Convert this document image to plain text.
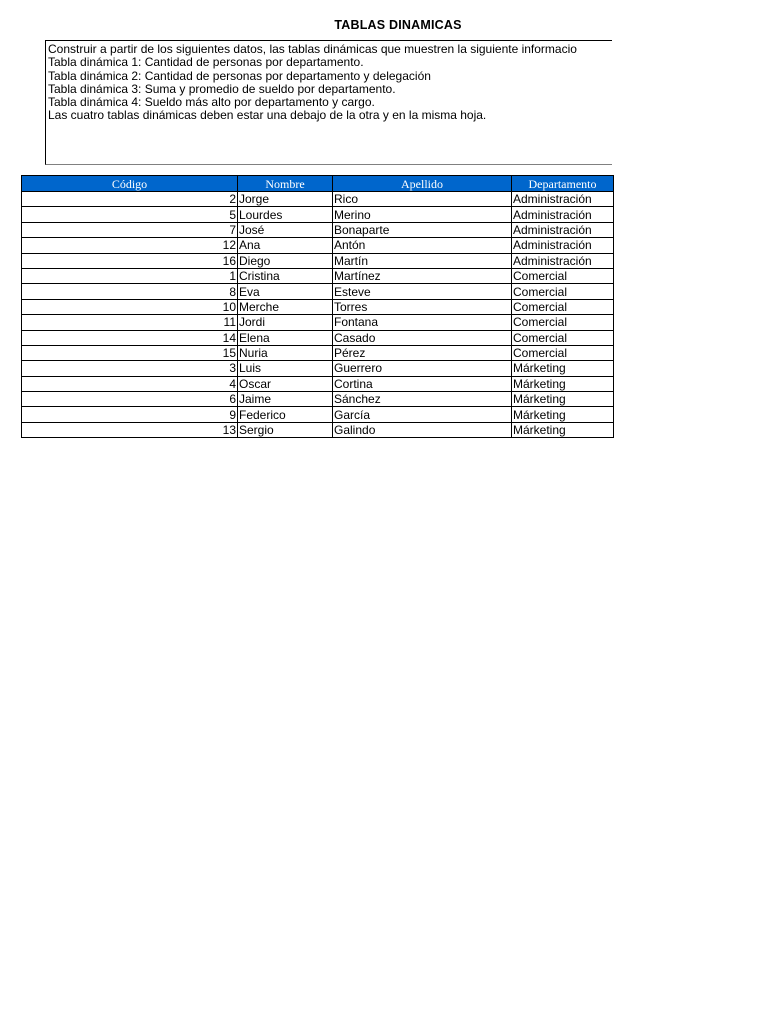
TABLAS DINAMICAS
Construir a partir de los siguientes datos, las tablas dinámicas que muestren la siguiente informacio
Tabla dinámica 1: Cantidad de personas por departamento.
Tabla dinámica 2: Cantidad de personas por departamento y delegación
Tabla dinámica 3: Suma y promedio de sueldo por departamento.
Tabla dinámica 4: Sueldo más alto por departamento y cargo.
Las cuatro tablas dinámicas deben estar una debajo de la otra y en la misma hoja.
Código	Nombre	Apellido	Departamento
2	Jorge	Rico	Administración
5	Lourdes	Merino	Administración
7	José	Bonaparte	Administración
12	Ana	Antón	Administración
16	Diego	Martín	Administración
1	Cristina	Martínez	Comercial
8	Eva	Esteve	Comercial
10	Merche	Torres	Comercial
11	Jordi	Fontana	Comercial
14	Elena	Casado	Comercial
15	Nuria	Pérez	Comercial
3	Luis	Guerrero	Márketing
4	Oscar	Cortina	Márketing
6	Jaime	Sánchez	Márketing
9	Federico	García	Márketing
13	Sergio	Galindo	Márketing
